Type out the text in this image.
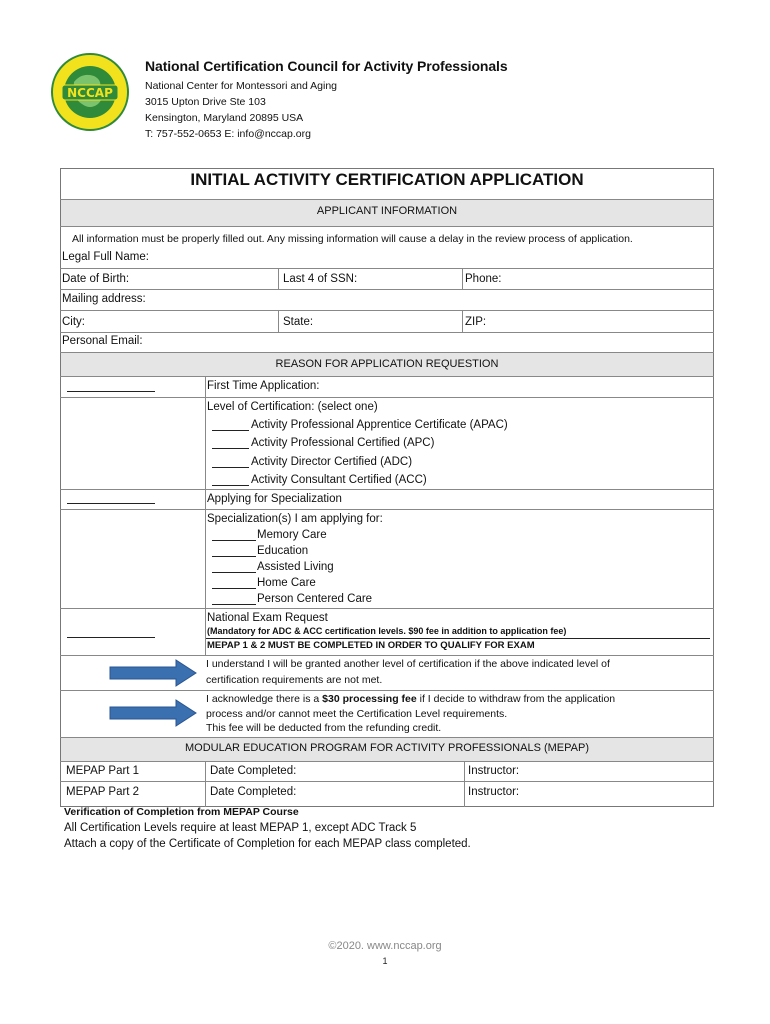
NCCAP
National Certification Council for Activity Professionals
National Center for Montessori and Aging
3015 Upton Drive Ste 103
Kensington, Maryland 20895 USA
T: 757-552-0653 E: info@nccap.org
INITIAL ACTIVITY CERTIFICATION APPLICATION
APPLICANT INFORMATION
All information must be properly filled out. Any missing information will cause a delay in the review process of application.
Legal Full Name:
Date of Birth:	Last 4 of SSN:	Phone:
Mailing address:
City:	State:	ZIP:
Personal Email:
REASON FOR APPLICATION REQUESTION
First Time Application:
Level of Certification: (select one)
Activity Professional Apprentice Certificate (APAC)
Activity Professional Certified (APC)
Activity Director Certified (ADC)
Activity Consultant Certified (ACC)
Applying for Specialization
Specialization(s) I am applying for:
Memory Care
Education
Assisted Living
Home Care
Person Centered Care
National Exam Request
(Mandatory for ADC & ACC certification levels. $90 fee in addition to application fee)
MEPAP 1 & 2 MUST BE COMPLETED IN ORDER TO QUALIFY FOR EXAM
I understand I will be granted another level of certification if the above indicated level of
certification requirements are not met.
I acknowledge there is a $30 processing fee if I decide to withdraw from the application
process and/or cannot meet the Certification Level requirements.
This fee will be deducted from the refunding credit.
MODULAR EDUCATION PROGRAM FOR ACTIVITY PROFESSIONALS (MEPAP)
MEPAP Part 1	Date Completed:	Instructor:
MEPAP Part 2	Date Completed:	Instructor:
Verification of Completion from MEPAP Course
All Certification Levels require at least MEPAP 1, except ADC Track 5
Attach a copy of the Certificate of Completion for each MEPAP class completed.
©2020. www.nccap.org
1
